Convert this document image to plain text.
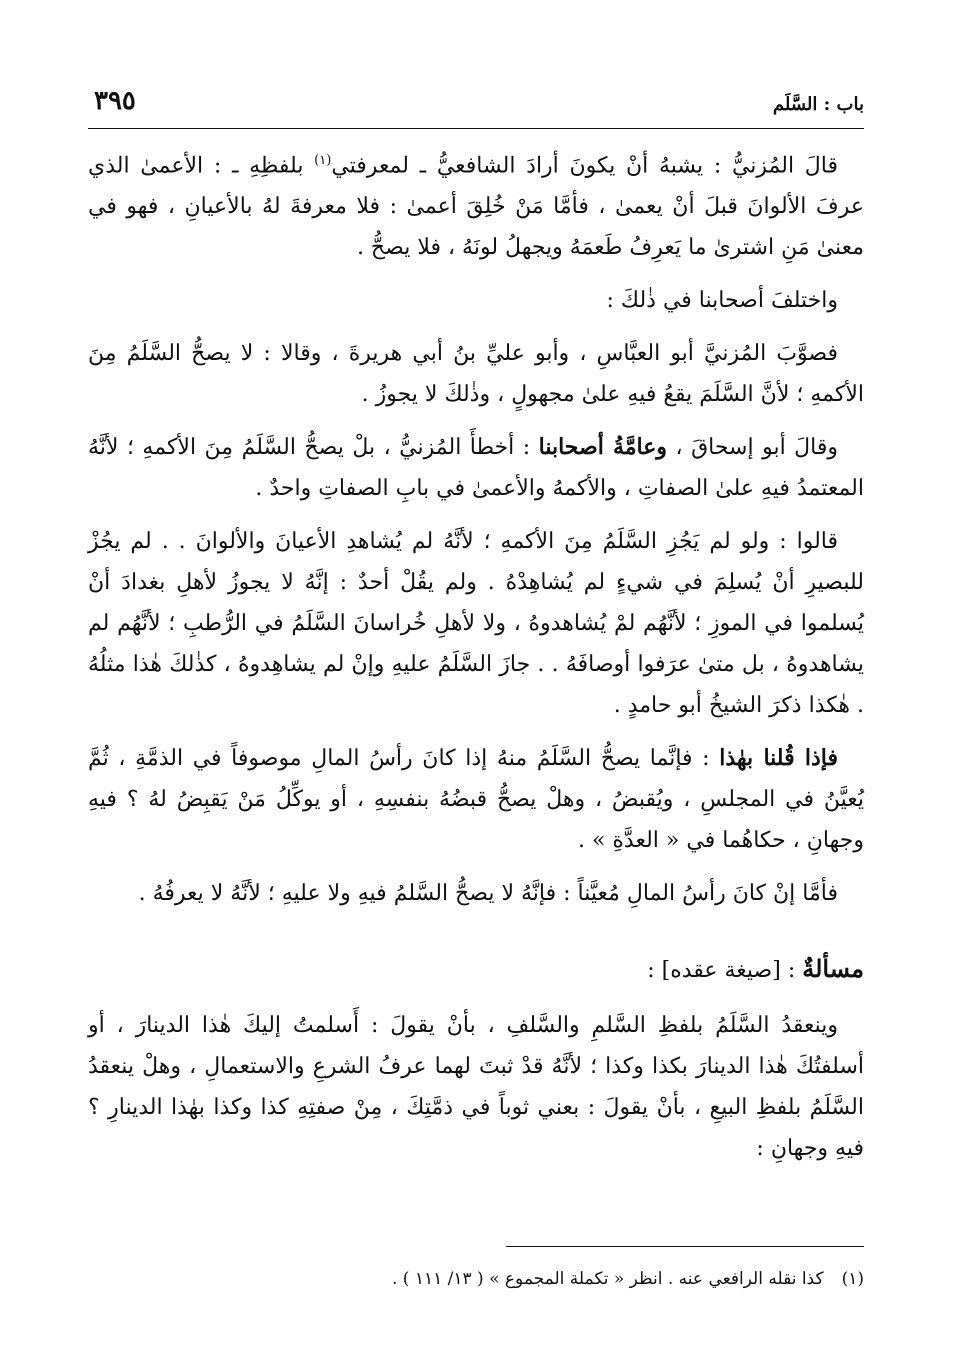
٣٩٥	باب : السَّلَم

قالَ المُزنيُّ : يشبهُ أنْ يكونَ أرادَ الشافعيُّ ـ لمعرفتي$^{(١)}$ بلفظِهِ ـ : الأعمىٰ الذي عرفَ الألوانَ قبلَ أنْ يعمىٰ ، فأمَّا مَنْ خُلِقَ أعمىٰ : فلا معرفةَ لهُ بالأعيانِ ، فهو في معنىٰ مَنِ اشترىٰ ما يَعرِفُ طَعمَهُ ويجهلُ لونَهُ ، فلا يصحُّ .

واختلفَ أصحابنا في ذٰلكَ :

فصوَّبَ المُزنيَّ أبو العبَّاسِ ، وأبو عليِّ بنُ أبي هريرةَ ، وقالا : لا يصحُّ السَّلَمُ مِنَ الأكمهِ ؛ لأنَّ السَّلَمَ يقعُ فيهِ علىٰ مجهولٍ ، وذٰلكَ لا يجوزُ .

وقالَ أبو إسحاقَ ، وعامَّةُ أصحابنا : أخطأَ المُزنيُّ ، بلْ يصحُّ السَّلَمُ مِنَ الأكمهِ ؛ لأنَّهُ المعتمدُ فيهِ علىٰ الصفاتِ ، والأكمهُ والأعمىٰ في بابِ الصفاتِ واحدٌ .

قالوا : ولو لم يَجُزِ السَّلَمُ مِنَ الأكمهِ ؛ لأنَّهُ لم يُشاهدِ الأعيانَ والألوانَ . . لم يجُزْ للبصيرِ أنْ يُسلِمَ في شيءٍ لم يُشاهِدْهُ . ولم يقُلْ أحدٌ : إنَّهُ لا يجوزُ لأهلِ بغدادَ أنْ يُسلموا في الموزِ ؛ لأنَّهُم لمْ يُشاهدوهُ ، ولا لأهلِ خُراسانَ السَّلَمُ في الرُّطبِ ؛ لأنَّهُم لم يشاهدوهُ ، بل متىٰ عرَفوا أوصافَهُ . . جازَ السَّلَمُ عليهِ وإنْ لم يشاهِدوهُ ، كذٰلكَ هٰذا مثلُهُ . هٰكذا ذكرَ الشيخُ أبو حامدٍ .

فإذا قُلنا بهٰذا : فإنَّما يصحُّ السَّلَمُ منهُ إذا كانَ رأسُ المالِ موصوفاً في الذمَّةِ ، ثُمَّ يُعيَّنُ في المجلسِ ، ويُقبضُ ، وهلْ يصحُّ قبضُهُ بنفسِهِ ، أو يوكِّلُ مَنْ يَقبِضُ لهُ ؟ فيهِ وجهانِ ، حكاهُما في « العدَّةِ » .

فأمَّا إنْ كانَ رأسُ المالِ مُعيَّناً : فإنَّهُ لا يصحُّ السَّلمُ فيهِ ولا عليهِ ؛ لأنَّهُ لا يعرفُهُ .

مسألةٌ : [صيغة عقده] :

وينعقدُ السَّلَمُ بلفظِ السَّلمِ والسَّلفِ ، بأنْ يقولَ : أَسلمتُ إليكَ هٰذا الدينارَ ، أو أسلفتُكَ هٰذا الدينارَ بكذا وكذا ؛ لأنَّهُ قدْ ثبتَ لهما عرفُ الشرعِ والاستعمالِ ، وهلْ ينعقدُ السَّلَمُ بلفظِ البيعِ ، بأنْ يقولَ : بعني ثوباً في ذمَّتِكَ ، مِنْ صفتِهِ كذا وكذا بهٰذا الدينارِ ؟ فيهِ وجهانِ :

(١)كذا نقله الرافعي عنه . انظر « تكملة المجموع » ( ١٣/ ١١١ ) .
